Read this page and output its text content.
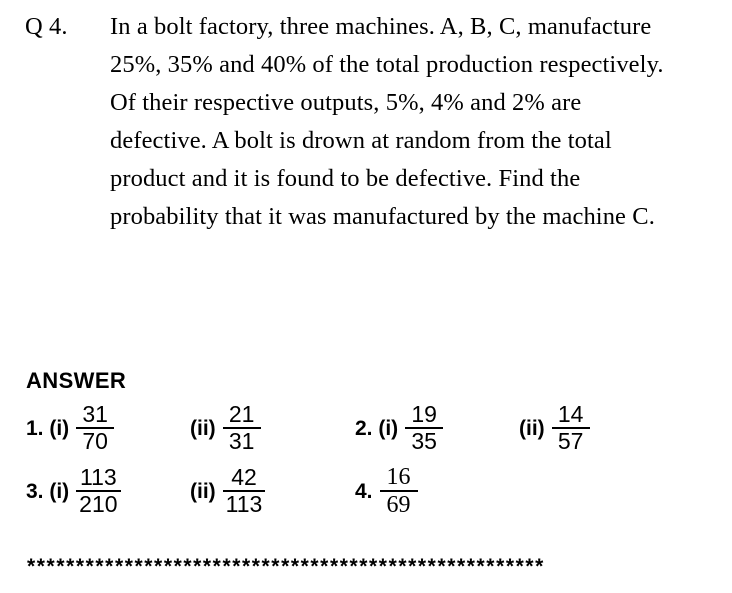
Q 4.

	In a bolt factory, three machines. A, B, C, manufacture

25%, 35% and 40% of the total production respectively.

Of their respective outputs, 5%, 4% and 2% are

defective. A bolt is drown at random from the total

product and it is found to be defective. Find the

probability that it was manufactured by the machine C.

ANSWER
1. $(i) \frac{31}{70}$	$(ii) \frac{21}{31}$	2. $(i) \frac{19}{35}$	$(ii) \frac{14}{57}$
3. $(i) \frac{113}{210}$	$(ii) \frac{42}{113}$	4. $\frac{16}{69}$
*****************************************************
